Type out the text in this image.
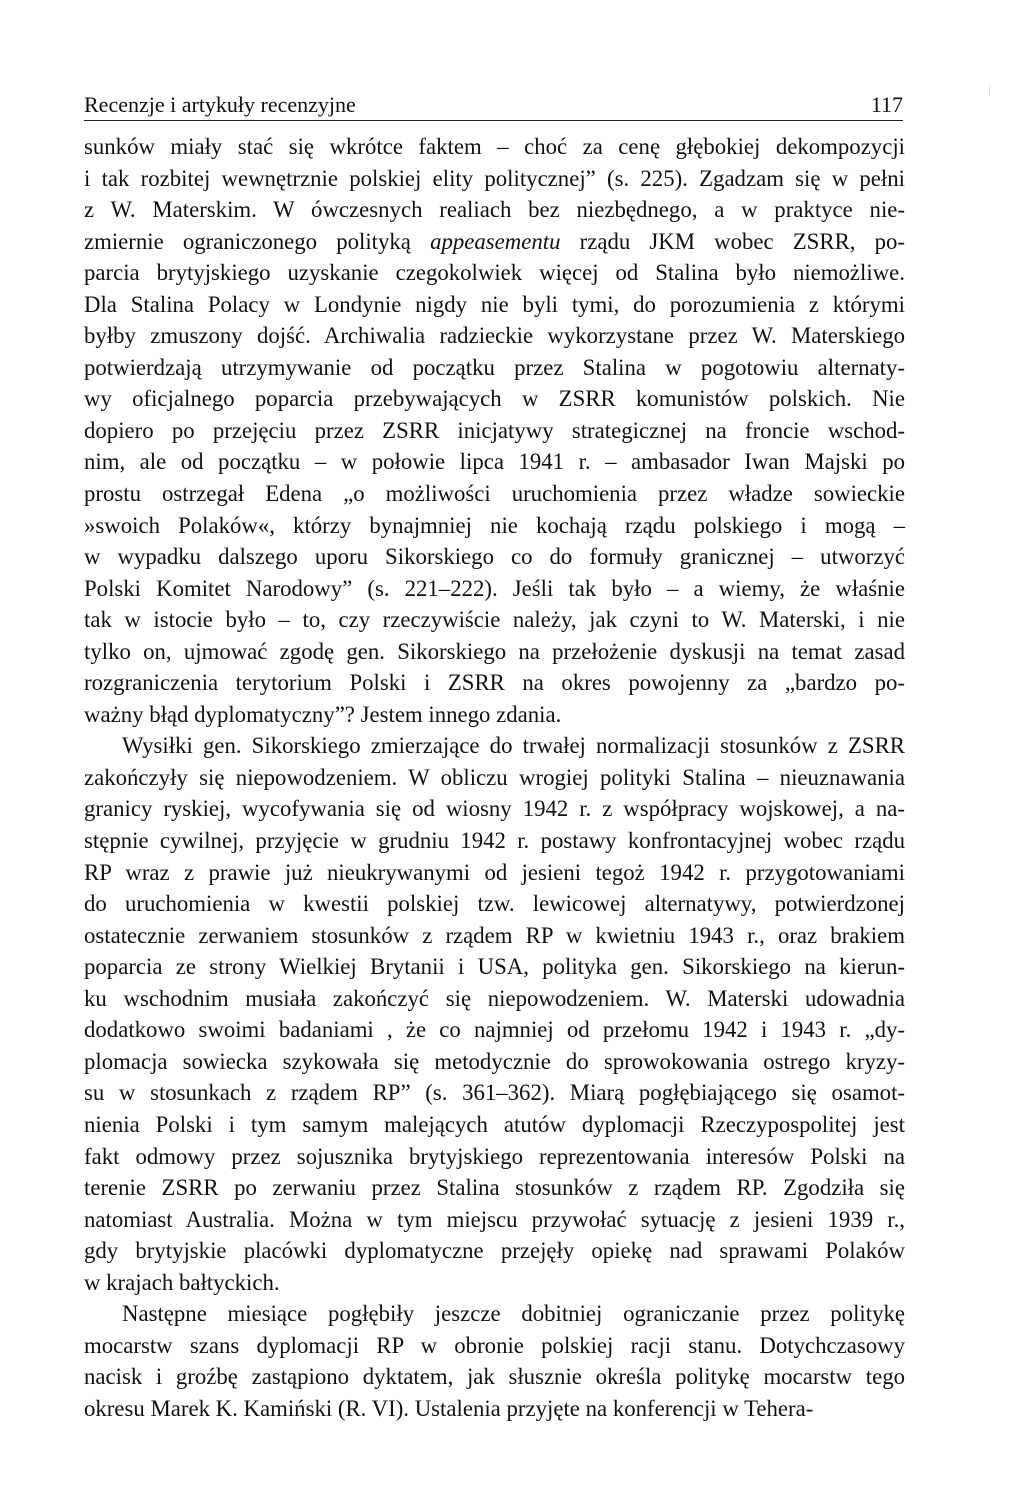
Recenzje i artykuły recenzyjne	117
sunków miały stać się wkrótce faktem – choć za cenę głębokiej dekompozycji
i tak rozbitej wewnętrznie polskiej elity politycznej” (s. 225). Zgadzam się w pełni
z W. Materskim. W ówczesnych realiach bez niezbędnego, a w praktyce nie-
zmiernie ograniczonego polityką appeasementu rządu JKM wobec ZSRR, po-
parcia brytyjskiego uzyskanie czegokolwiek więcej od Stalina było niemożliwe.
Dla Stalina Polacy w Londynie nigdy nie byli tymi, do porozumienia z którymi
byłby zmuszony dojść. Archiwalia radzieckie wykorzystane przez W. Materskiego
potwierdzają utrzymywanie od początku przez Stalina w pogotowiu alternaty-
wy oficjalnego poparcia przebywających w ZSRR komunistów polskich. Nie
dopiero po przejęciu przez ZSRR inicjatywy strategicznej na froncie wschod-
nim, ale od początku – w połowie lipca 1941 r. – ambasador Iwan Majski po
prostu ostrzegał Edena „o możliwości uruchomienia przez władze sowieckie
»swoich Polaków«, którzy bynajmniej nie kochają rządu polskiego i mogą –
w wypadku dalszego uporu Sikorskiego co do formuły granicznej – utworzyć
Polski Komitet Narodowy” (s. 221–222). Jeśli tak było – a wiemy, że właśnie
tak w istocie było – to, czy rzeczywiście należy, jak czyni to W. Materski, i nie
tylko on, ujmować zgodę gen. Sikorskiego na przełożenie dyskusji na temat zasad
rozgraniczenia terytorium Polski i ZSRR na okres powojenny za „bardzo po-
ważny błąd dyplomatyczny”? Jestem innego zdania.
Wysiłki gen. Sikorskiego zmierzające do trwałej normalizacji stosunków z ZSRR
zakończyły się niepowodzeniem. W obliczu wrogiej polityki Stalina – nieuznawania
granicy ryskiej, wycofywania się od wiosny 1942 r. z współpracy wojskowej, a na-
stępnie cywilnej, przyjęcie w grudniu 1942 r. postawy konfrontacyjnej wobec rządu
RP wraz z prawie już nieukrywanymi od jesieni tegoż 1942 r. przygotowaniami
do uruchomienia w kwestii polskiej tzw. lewicowej alternatywy, potwierdzonej
ostatecznie zerwaniem stosunków z rządem RP w kwietniu 1943 r., oraz brakiem
poparcia ze strony Wielkiej Brytanii i USA, polityka gen. Sikorskiego na kierun-
ku wschodnim musiała zakończyć się niepowodzeniem. W. Materski udowadnia
dodatkowo swoimi badaniami , że co najmniej od przełomu 1942 i 1943 r. „dy-
plomacja sowiecka szykowała się metodycznie do sprowokowania ostrego kryzy-
su w stosunkach z rządem RP” (s. 361–362). Miarą pogłębiającego się osamot-
nienia Polski i tym samym malejących atutów dyplomacji Rzeczypospolitej jest
fakt odmowy przez sojusznika brytyjskiego reprezentowania interesów Polski na
terenie ZSRR po zerwaniu przez Stalina stosunków z rządem RP. Zgodziła się
natomiast Australia. Można w tym miejscu przywołać sytuację z jesieni 1939 r.,
gdy brytyjskie placówki dyplomatyczne przejęły opiekę nad sprawami Polaków
w krajach bałtyckich.
Następne miesiące pogłębiły jeszcze dobitniej ograniczanie przez politykę
mocarstw szans dyplomacji RP w obronie polskiej racji stanu. Dotychczasowy
nacisk i groźbę zastąpiono dyktatem, jak słusznie określa politykę mocarstw tego
okresu Marek K. Kamiński (R. VI). Ustalenia przyjęte na konferencji w Tehera-
